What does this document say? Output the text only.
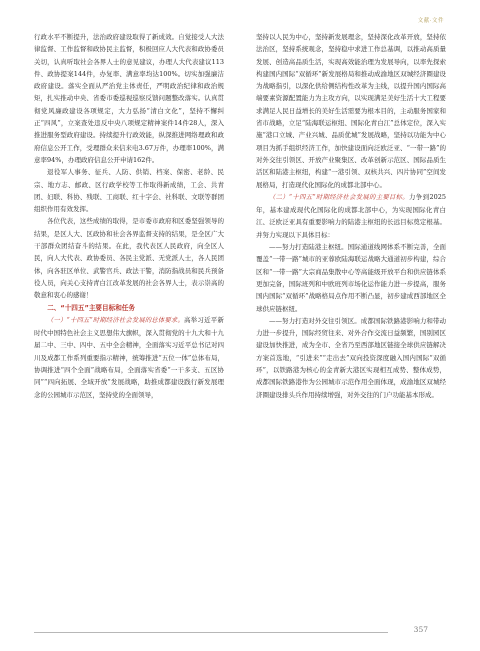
文献·文件

行政水平不断提升，法治政府建设取得了新成效。自觉接受人大法律监督、工作监督和政协民主监督，积极回应人大代表和政协委员关切，认真听取社会各界人士的意见建议，办理人大代表建议113件、政协提案144件，办复率、满意率均达100%。切实加强廉洁政府建设。落实全面从严治党主体责任，严明政治纪律和政治规矩，扎实推动中央、省委市委巡视巡察反馈问题整改落实。认真贯彻党风廉政建设各项规定，大力弘扬“清白文化”，坚持不懈纠正“四风”，立案查处违反中央八项规定精神案件14件28人，深入推进服务型政府建设。持续提升行政效能，纵深推进网络理政和政府信息公开工作，受理群众来信来电3.67万件，办理率100%，满意率94%，办理政府信息公开申请162件。

退役军人事务、征兵、人防、供销、档案、保密、老龄、民宗、地方志、邮政、区行政学校等工作取得新成绩，工会、共青团、妇联、科协、残联、工商联、红十字会、社科联、文联等群团组织作用有效发挥。

各位代表，这些成绩的取得，是市委市政府和区委坚强领导的结果，是区人大、区政协和社会各界监督支持的结果，是全区广大干部群众团结奋斗的结果。在此，我代表区人民政府，向全区人民，向人大代表、政协委员、各民主党派、无党派人士，各人民团体，向各驻区单位、武警官兵、政法干警，消防指战员和民兵预备役人员，向关心支持青白江改革发展的社会各界人士，表示崇高的敬意和衷心的感谢！

二、“十四五”主要目标和任务

（一）“十四五”时期经济社会发展的总体要求。高举习近平新时代中国特色社会主义思想伟大旗帜，深入贯彻党的十九大和十九届二中、三中、四中、五中全会精神，全面落实习近平总书记对四川及成都工作系列重要指示精神，统筹推进“五位一体”总体布局，协调推进“四个全面”战略布局，全面落实省委“一干多支、五区协同”“四向拓展、全域开放”发展战略，助推成都建设践行新发展理念的公园城市示范区，坚持党的全面领导，

坚持以人民为中心，坚持新发展理念，坚持深化改革开放，坚持依法治区，坚持系统观念，坚持稳中求进工作总基调，以推动高质量发展、创造高品质生活，实现高效能治理为发展导向，以率先探索构建国内国际“双循环”新发展格局和推动成渝地区双城经济圈建设为战略指引，以深化供给侧结构性改革为主线，以提升国内国际高端要素资源配置能力为主攻方向，以实现满足美好生活十大工程要求满足人民日益增长的美好生活需要为根本目的，主动服务国家和省市战略，立足“陆海联运枢纽、国际化青白江”总体定位，深入实施“港口立城、产业兴城、品质优城”发展战略，坚持以功能为中心项目为抓手组织经济工作，加快建设面向泛欧泛亚、“一带一路”的对外交往引领区、开放产业聚集区、改革创新示范区、国际品质生活区和陆港主枢纽，构建“一港引领、双核共兴、四片协同”空间发展格局，打造现代化国际化的成都北部中心。

（二）“十四五”时期经济社会发展的主要目标。力争到2025年，基本建成现代化国际化的成都北部中心，为实现国际化青白江、泛欧泛亚具有重要影响力的陆港主枢纽的长远目标奠定根基。并努力实现以下具体目标：

——努力打造陆港主枢纽。国际通道线网体系不断完善，全面覆盖“一带一路”城市的亚蓉欧陆海联运战略大通道初步构建，综合区和“一带一路”大宗商品集散中心等高能级开放平台和供应链体系更加完备，国际班列和中欧班列市场化运作能力进一步提高，服务国内国际“双循环”战略格局点作用不断凸显，初步建成西部地区全球供应链枢纽。

——努力打造对外交往引领区。成都国际铁路港影响力和带动力进一步提升，国际经贸往来、对外合作交流日益频繁，国别园区建设加快推进，成为全市、全省乃至西部地区链接全球供应链解决方案首选地，“引进来”“走出去”双向投资深度融入国内国际“双循环”，以铁路港为核心的金青新大港区实现相互成势、整体成势，成都国际铁路港作为公园城市示范作用全面体现，成渝地区双城经济圈建设排头兵作用持续增强，对外交往的门户功能基本形成。

357
